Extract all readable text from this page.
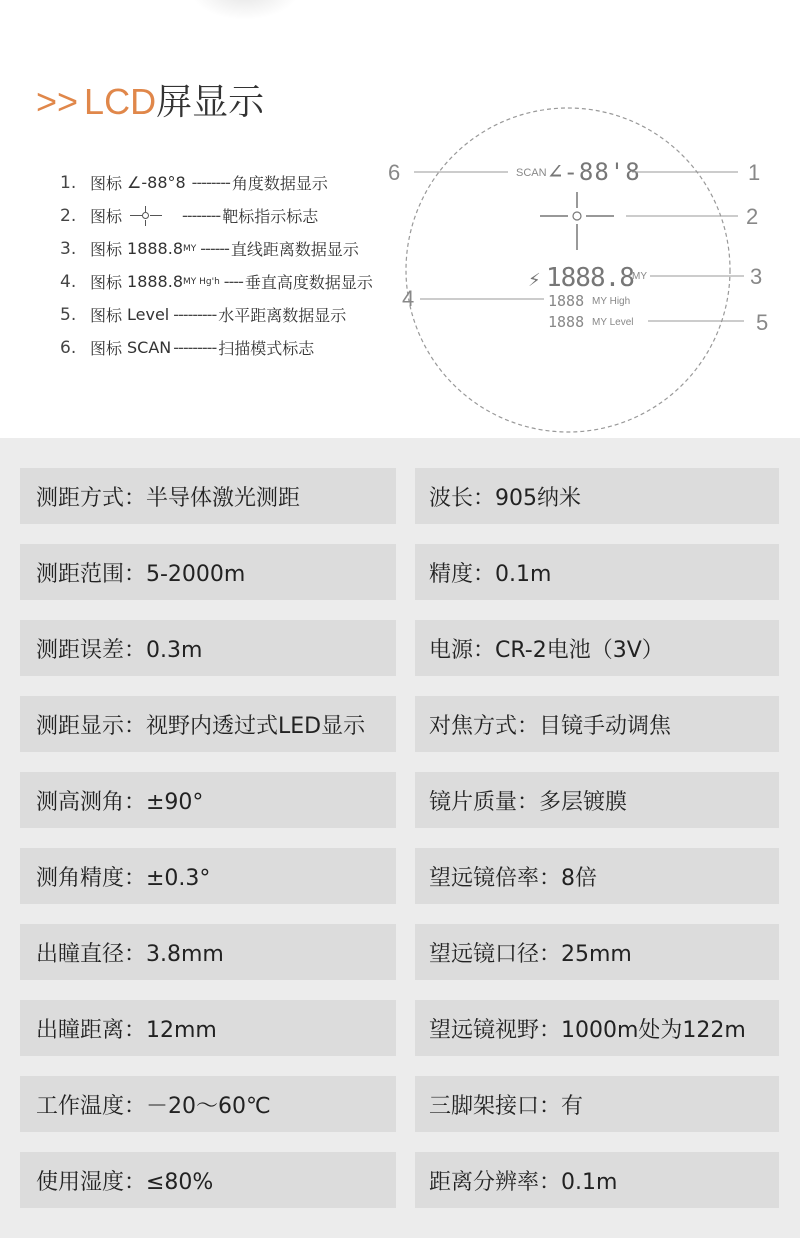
>> LCD屏显示
1. 图标 ∠-88°8 -------- 角度数据显示
2. 图标	-------- 靶标指示标志
3. 图标 1888.8 MY ------ 直线距离数据显示
4. 图标 1888.8 MY Hg'h ---- 垂直高度数据显示
5. 图标 Level --------- 水平距离数据显示
6. 图标 SCAN --------- 扫描模式标志
SCAN ∠-88'8
⚡ 1888.8
MY
1888 MY High
1888 MY Level
1
2
3
4
5
6
测距方式：半导体激光测距	波长：905纳米
测距范围：5-2000m	精度：0.1m
测距误差：0.3m	电源：CR-2电池（3V）
测距显示：视野内透过式LED显示	对焦方式：目镜手动调焦
测高测角：±90°	镜片质量：多层镀膜
测角精度：±0.3°	望远镜倍率：8倍
出瞳直径：3.8mm	望远镜口径：25mm
出瞳距离：12mm	望远镜视野：1000m处为122m
工作温度：－20～60℃	三脚架接口：有
使用湿度：≤80%	距离分辨率：0.1m
